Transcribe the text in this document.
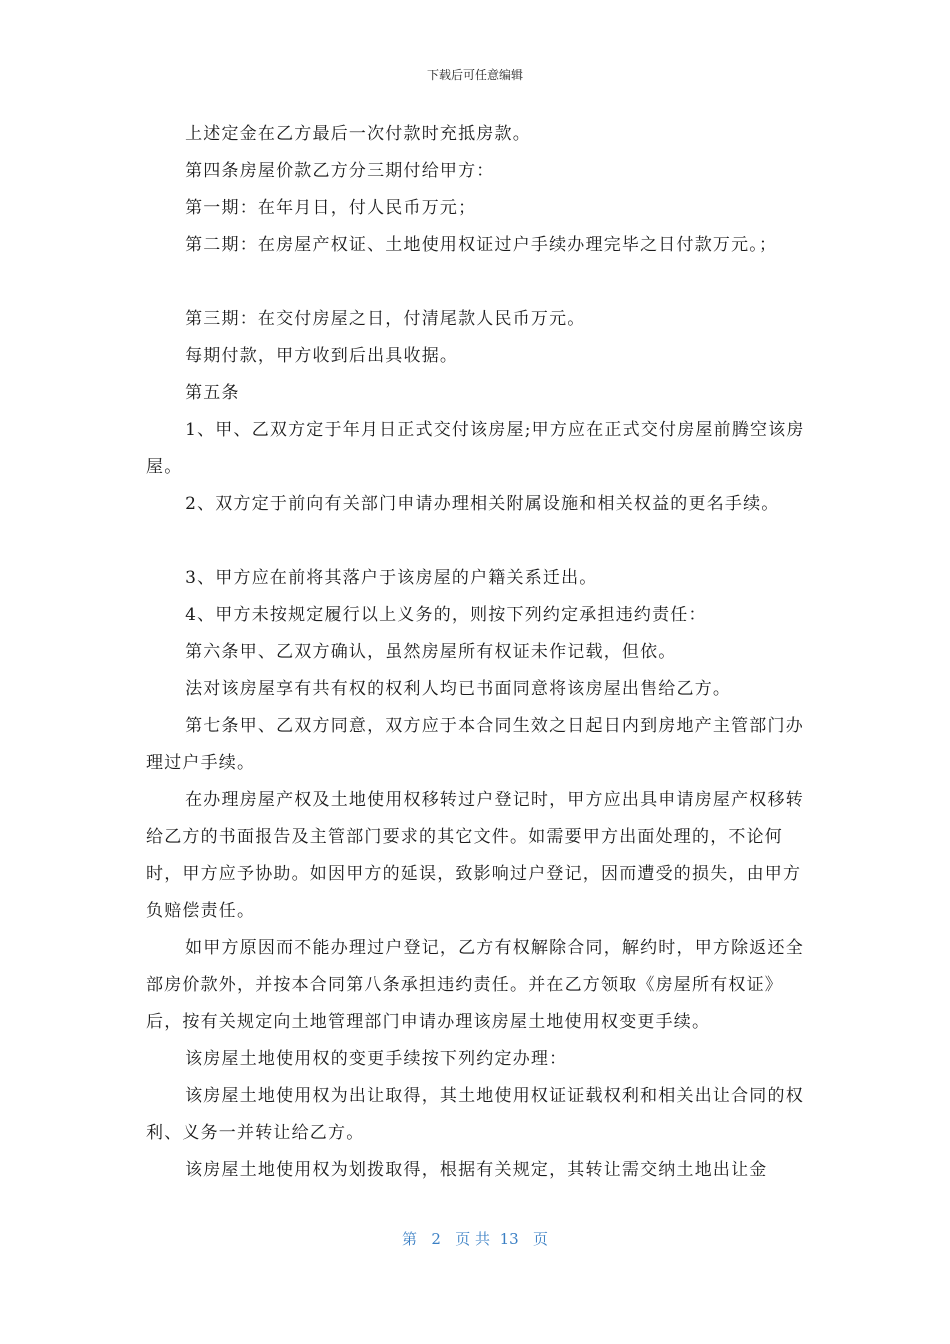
下载后可任意编辑

上述定金在乙方最后一次付款时充抵房款。

第四条房屋价款乙方分三期付给甲方：

第一期：在年月日，付人民币万元；

第二期：在房屋产权证、土地使用权证过户手续办理完毕之日付款万元。；

第三期：在交付房屋之日，付清尾款人民币万元。

每期付款，甲方收到后出具收据。

第五条

1、甲、乙双方定于年月日正式交付该房屋;甲方应在正式交付房屋前腾空该房屋。

2、双方定于前向有关部门申请办理相关附属设施和相关权益的更名手续。

3、甲方应在前将其落户于该房屋的户籍关系迁出。

4、甲方未按规定履行以上义务的，则按下列约定承担违约责任：

第六条甲、乙双方确认，虽然房屋所有权证未作记载，但依。

法对该房屋享有共有权的权利人均已书面同意将该房屋出售给乙方。

第七条甲、乙双方同意，双方应于本合同生效之日起日内到房地产主管部门办理过户手续。

在办理房屋产权及土地使用权移转过户登记时，甲方应出具申请房屋产权移转给乙方的书面报告及主管部门要求的其它文件。如需要甲方出面处理的，不论何时，甲方应予协助。如因甲方的延误，致影响过户登记，因而遭受的损失，由甲方负赔偿责任。

如甲方原因而不能办理过户登记，乙方有权解除合同，解约时，甲方除返还全部房价款外，并按本合同第八条承担违约责任。并在乙方领取《房屋所有权证》后，按有关规定向土地管理部门申请办理该房屋土地使用权变更手续。

该房屋土地使用权的变更手续按下列约定办理：

该房屋土地使用权为出让取得，其土地使用权证证载权利和相关出让合同的权利、义务一并转让给乙方。

该房屋土地使用权为划拨取得，根据有关规定，其转让需交纳土地出让金

第 2 页 共 13 页
